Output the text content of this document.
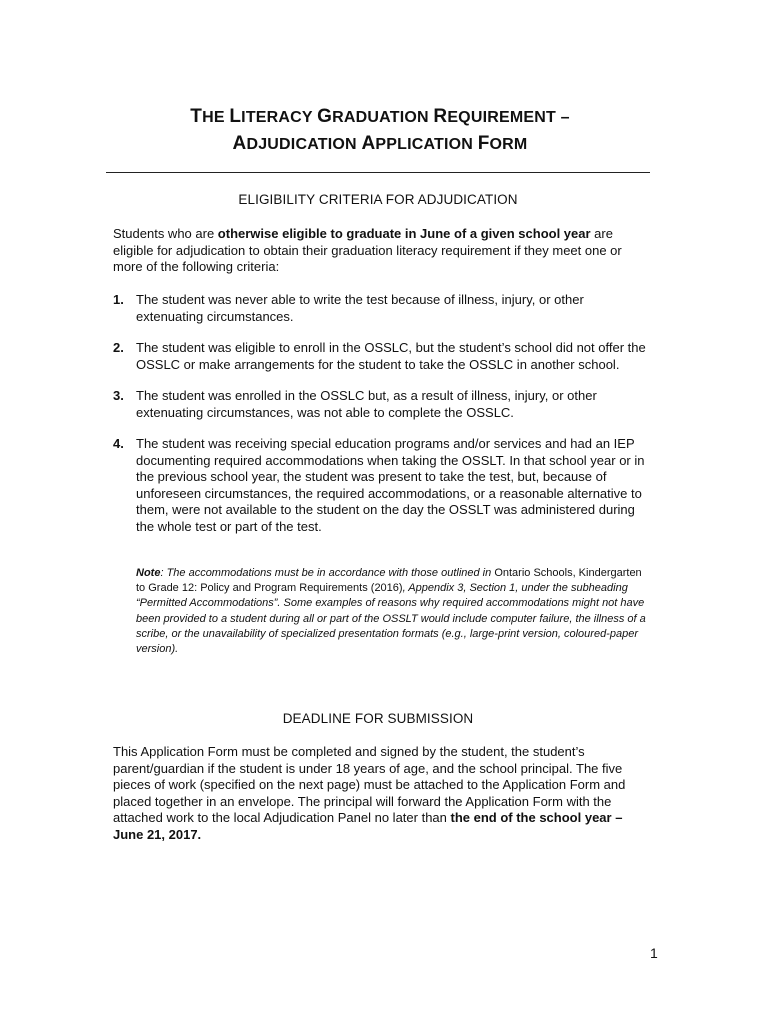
THE LITERACY GRADUATION REQUIREMENT –
ADJUDICATION APPLICATION FORM
ELIGIBILITY CRITERIA FOR ADJUDICATION
Students who are otherwise eligible to graduate in June of a given school year are eligible for adjudication to obtain their graduation literacy requirement if they meet one or more of the following criteria:
1. The student was never able to write the test because of illness, injury, or other extenuating circumstances.
2. The student was eligible to enroll in the OSSLC, but the student’s school did not offer the OSSLC or make arrangements for the student to take the OSSLC in another school.
3. The student was enrolled in the OSSLC but, as a result of illness, injury, or other extenuating circumstances, was not able to complete the OSSLC.
4. The student was receiving special education programs and/or services and had an IEP documenting required accommodations when taking the OSSLT. In that school year or in the previous school year, the student was present to take the test, but, because of unforeseen circumstances, the required accommodations, or a reasonable alternative to them, were not available to the student on the day the OSSLT was administered during the whole test or part of the test.
Note: The accommodations must be in accordance with those outlined in Ontario Schools, Kindergarten to Grade 12: Policy and Program Requirements (2016), Appendix 3, Section 1, under the subheading “Permitted Accommodations”. Some examples of reasons why required accommodations might not have been provided to a student during all or part of the OSSLT would include computer failure, the illness of a scribe, or the unavailability of specialized presentation formats (e.g., large-print version, coloured-paper version).
DEADLINE FOR SUBMISSION
This Application Form must be completed and signed by the student, the student’s parent/guardian if the student is under 18 years of age, and the school principal. The five pieces of work (specified on the next page) must be attached to the Application Form and placed together in an envelope. The principal will forward the Application Form with the attached work to the local Adjudication Panel no later than the end of the school year – June 21, 2017.
1
